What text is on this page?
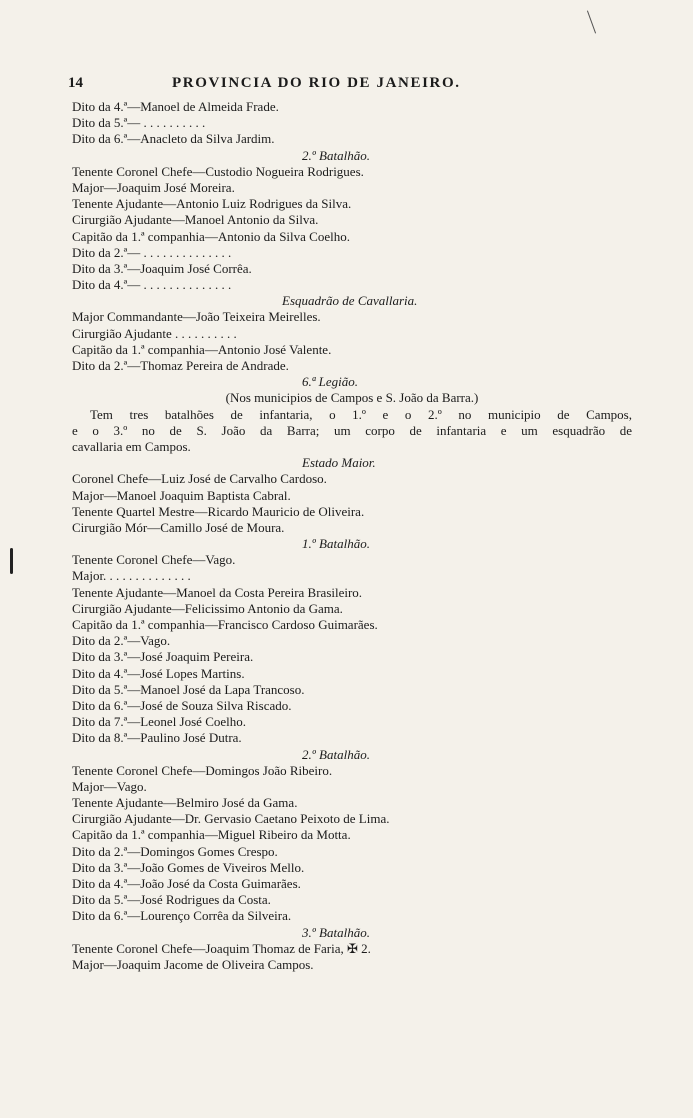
14	PROVINCIA DO RIO DE JANEIRO.
Dito da 4.ª—Manoel de Almeida Frade.
Dito da 5.ª— . . . . . . . . . .
Dito da 6.ª—Anacleto da Silva Jardim.
2.º Batalhão.
Tenente Coronel Chefe—Custodio Nogueira Rodrigues.
Major—Joaquim José Moreira.
Tenente Ajudante—Antonio Luiz Rodrigues da Silva.
Cirurgião Ajudante—Manoel Antonio da Silva.
Capitão da 1.ª companhia—Antonio da Silva Coelho.
Dito da 2.ª— . . . . . . . . . . . . . .
Dito da 3.ª—Joaquim José Corrêa.
Dito da 4.ª— . . . . . . . . . . . . . .
Esquadrão de Cavallaria.
Major Commandante—João Teixeira Meirelles.
Cirurgião Ajudante . . . . . . . . . .
Capitão da 1.ª companhia—Antonio José Valente.
Dito da 2.ª—Thomaz Pereira de Andrade.
6.ª Legião.
(Nos municipios de Campos e S. João da Barra.)
Tem tres batalhões de infantaria, o 1.º e o 2.º no municipio de Campos,
e o 3.º no de S. João da Barra; um corpo de infantaria e um esquadrão de
cavallaria em Campos.
Estado Maior.
Coronel Chefe—Luiz José de Carvalho Cardoso.
Major—Manoel Joaquim Baptista Cabral.
Tenente Quartel Mestre—Ricardo Mauricio de Oliveira.
Cirurgião Mór—Camillo José de Moura.
1.º Batalhão.
Tenente Coronel Chefe—Vago.
Major. . . . . . . . . . . . . .
Tenente Ajudante—Manoel da Costa Pereira Brasileiro.
Cirurgião Ajudante—Felicissimo Antonio da Gama.
Capitão da 1.ª companhia—Francisco Cardoso Guimarães.
Dito da 2.ª—Vago.
Dito da 3.ª—José Joaquim Pereira.
Dito da 4.ª—José Lopes Martins.
Dito da 5.ª—Manoel José da Lapa Trancoso.
Dito da 6.ª—José de Souza Silva Riscado.
Dito da 7.ª—Leonel José Coelho.
Dito da 8.ª—Paulino José Dutra.
2.º Batalhão.
Tenente Coronel Chefe—Domingos João Ribeiro.
Major—Vago.
Tenente Ajudante—Belmiro José da Gama.
Cirurgião Ajudante—Dr. Gervasio Caetano Peixoto de Lima.
Capitão da 1.ª companhia—Miguel Ribeiro da Motta.
Dito da 2.ª—Domingos Gomes Crespo.
Dito da 3.ª—João Gomes de Viveiros Mello.
Dito da 4.ª—João José da Costa Guimarães.
Dito da 5.ª—José Rodrigues da Costa.
Dito da 6.ª—Lourenço Corrêa da Silveira.
3.º Batalhão.
Tenente Coronel Chefe—Joaquim Thomaz de Faria, ✠ 2.
Major—Joaquim Jacome de Oliveira Campos.
